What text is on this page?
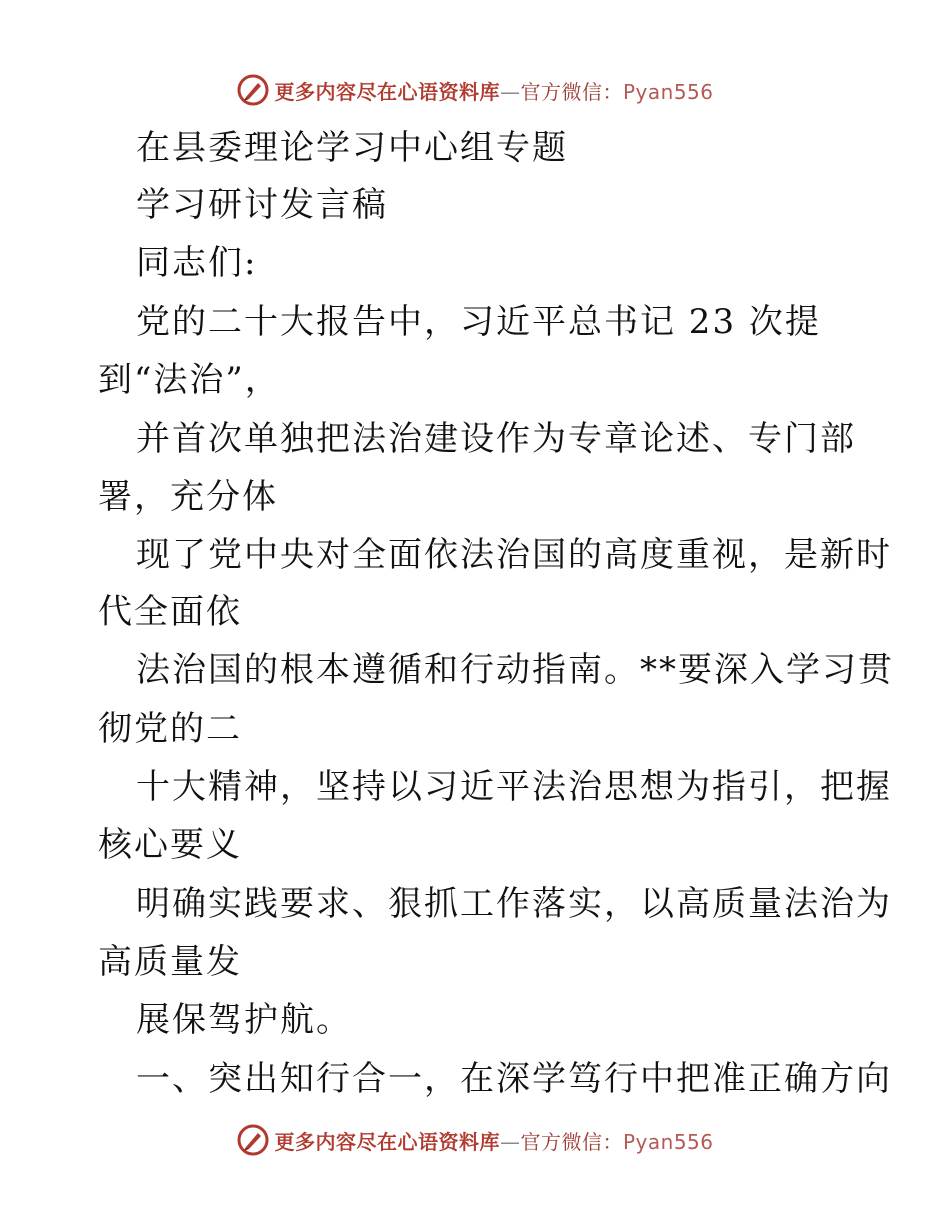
更多内容尽在心语资料库—官方微信：Pyan556
在县委理论学习中心组专题
学习研讨发言稿
同志们:
党的二十大报告中，习近平总书记 23 次提
到“法治”，
并首次单独把法治建设作为专章论述、专门部
署，充分体
现了党中央对全面依法治国的高度重视，是新时
代全面依
法治国的根本遵循和行动指南。**要深入学习贯
彻党的二
十大精神，坚持以习近平法治思想为指引，把握
核心要义
明确实践要求、狠抓工作落实，以高质量法治为
高质量发
展保驾护航。
一、突出知行合一，在深学笃行中把准正确方向
更多内容尽在心语资料库—官方微信：Pyan556
